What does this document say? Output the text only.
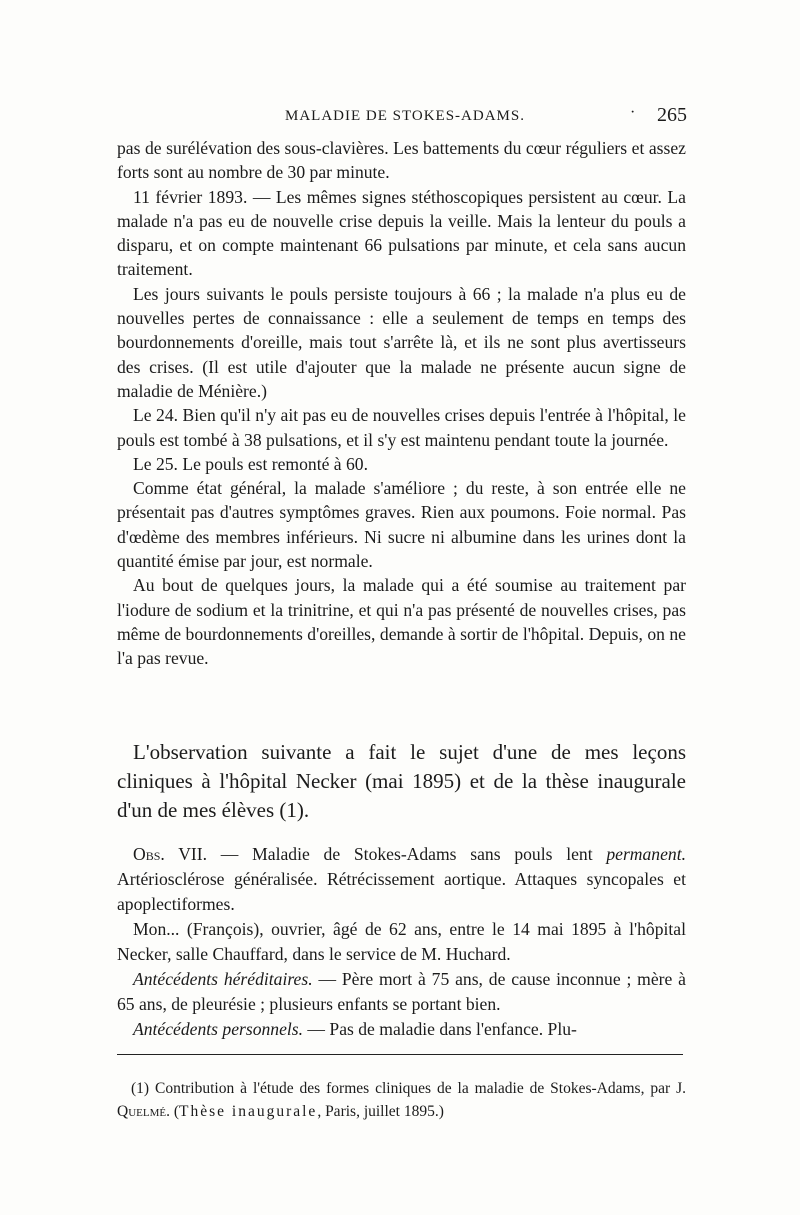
MALADIE DE STOKES-ADAMS.	· 265

pas de surélévation des sous-clavières. Les battements du cœur réguliers et assez forts sont au nombre de 30 par minute.

11 février 1893. — Les mêmes signes stéthoscopiques persistent au cœur. La malade n'a pas eu de nouvelle crise depuis la veille. Mais la lenteur du pouls a disparu, et on compte maintenant 66 pulsations par minute, et cela sans aucun traitement.

Les jours suivants le pouls persiste toujours à 66 ; la malade n'a plus eu de nouvelles pertes de connaissance : elle a seulement de temps en temps des bourdonnements d'oreille, mais tout s'arrête là, et ils ne sont plus avertisseurs des crises. (Il est utile d'ajouter que la malade ne présente aucun signe de maladie de Ménière.)

Le 24. Bien qu'il n'y ait pas eu de nouvelles crises depuis l'entrée à l'hôpital, le pouls est tombé à 38 pulsations, et il s'y est maintenu pendant toute la journée.

Le 25. Le pouls est remonté à 60.

Comme état général, la malade s'améliore ; du reste, à son entrée elle ne présentait pas d'autres symptômes graves. Rien aux poumons. Foie normal. Pas d'œdème des membres inférieurs. Ni sucre ni albumine dans les urines dont la quantité émise par jour, est normale.

Au bout de quelques jours, la malade qui a été soumise au traitement par l'iodure de sodium et la trinitrine, et qui n'a pas présenté de nouvelles crises, pas même de bourdonnements d'oreilles, demande à sortir de l'hôpital. Depuis, on ne l'a pas revue.

L'observation suivante a fait le sujet d'une de mes leçons cliniques à l'hôpital Necker (mai 1895) et de la thèse inaugurale d'un de mes élèves (1).

Obs. VII. — Maladie de Stokes-Adams sans pouls lent permanent. Artériosclérose généralisée. Rétrécissement aortique. Attaques syncopales et apoplectiformes.

Mon... (François), ouvrier, âgé de 62 ans, entre le 14 mai 1895 à l'hôpital Necker, salle Chauffard, dans le service de M. Huchard.

Antécédents héréditaires. — Père mort à 75 ans, de cause inconnue ; mère à 65 ans, de pleurésie ; plusieurs enfants se portant bien.

Antécédents personnels. — Pas de maladie dans l'enfance. Plu-

(1) Contribution à l'étude des formes cliniques de la maladie de Stokes-Adams, par J. Quelmé. (Thèse inaugurale, Paris, juillet 1895.)
